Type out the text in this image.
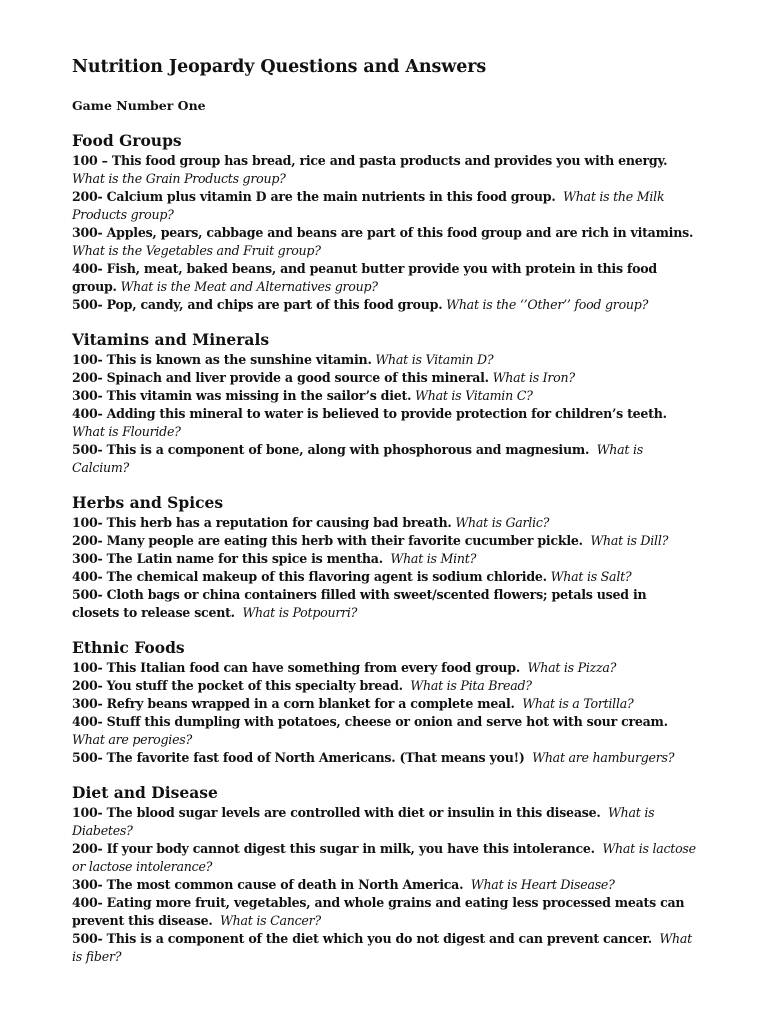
Nutrition Jeopardy Questions and Answers
Game Number One
Food Groups

100 – This food group has bread, rice and pasta products and provides you with energy.  What is the Grain Products group?

200- Calcium plus vitamin D are the main nutrients in this food group. What is the Milk Products group?

300- Apples, pears, cabbage and beans are part of this food group and are rich in vitamins. What is the Vegetables and Fruit group?

400- Fish, meat, baked beans, and peanut butter provide you with protein in this food group. What is the Meat and Alternatives group?

500- Pop, candy, and chips are part of this food group. What is the ‘’Other’’ food group?

Vitamins and Minerals

100- This is known as the sunshine vitamin. What is Vitamin D?

200- Spinach and liver provide a good source of this mineral. What is Iron?

300- This vitamin was missing in the sailor’s diet. What is Vitamin C?

400- Adding this mineral to water is believed to provide protection for children’s teeth. What is Flouride?

500- This is a component of bone, along with phosphorous and magnesium. What is Calcium?

Herbs and Spices

100- This herb has a reputation for causing bad breath. What is Garlic?

200- Many people are eating this herb with their favorite cucumber pickle. What is Dill?

300- The Latin name for this spice is mentha. What is Mint?

400- The chemical makeup of this flavoring agent is sodium chloride. What is Salt?

500- Cloth bags or china containers filled with sweet/scented flowers; petals used in closets to release scent. What is Potpourri?

Ethnic Foods

100- This Italian food can have something from every food group. What is Pizza?

200- You stuff the pocket of this specialty bread. What is Pita Bread?

300- Refry beans wrapped in a corn blanket for a complete meal. What is a Tortilla?

400- Stuff this dumpling with potatoes, cheese or onion and serve hot with sour cream.  What are perogies?

500- The favorite fast food of North Americans. (That means you!) What are hamburgers?

Diet and Disease

100- The blood sugar levels are controlled with diet or insulin in this disease. What is Diabetes?

200- If your body cannot digest this sugar in milk, you have this intolerance. What is lactose or lactose intolerance?

300- The most common cause of death in North America. What is Heart Disease?

400- Eating more fruit, vegetables, and whole grains and eating less processed meats can prevent this disease. What is Cancer?

500- This is a component of the diet which you do not digest and can prevent cancer. What is fiber?
